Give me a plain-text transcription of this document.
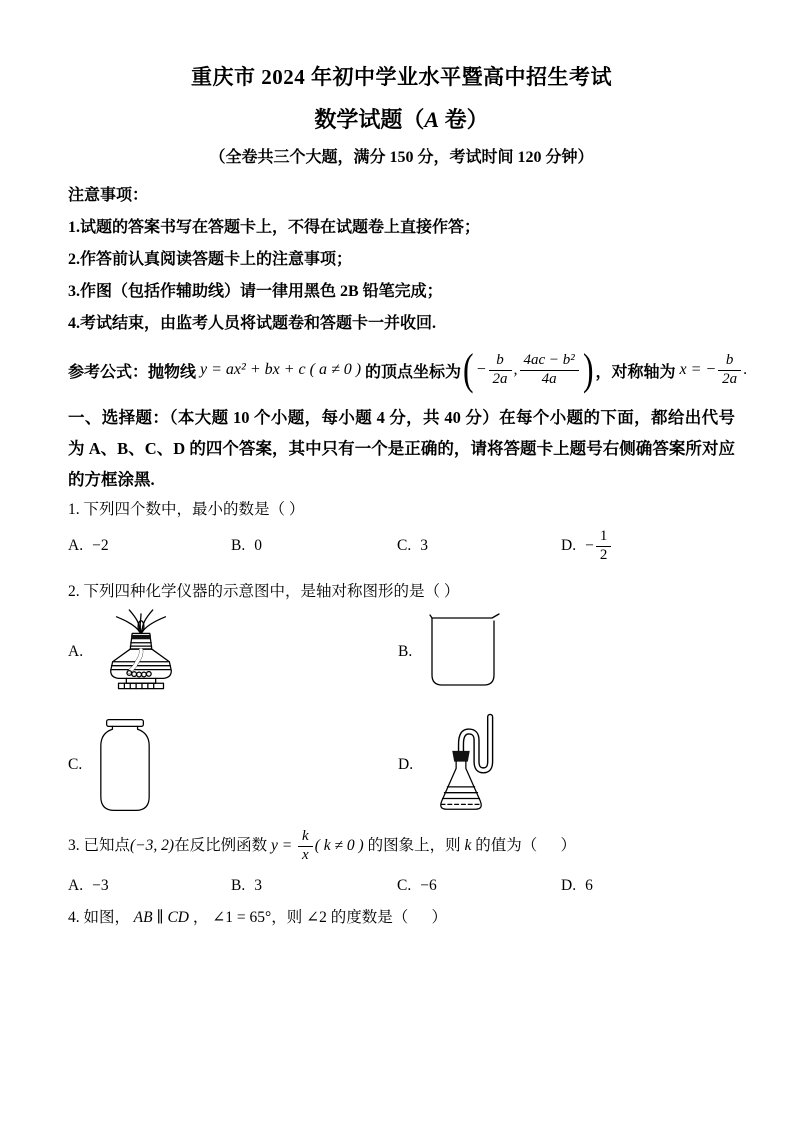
重庆市 2024 年初中学业水平暨高中招生考试
数学试题（A 卷）
（全卷共三个大题，满分 150 分，考试时间 120 分钟）

注意事项：

1.试题的答案书写在答题卡上，不得在试题卷上直接作答；

2.作答前认真阅读答题卡上的注意事项；

3.作图（包括作辅助线）请一律用黑色 2B 铅笔完成；

4.考试结束，由监考人员将试题卷和答题卡一并收回.

参考公式：抛物线 y = ax² + bx + c ( a ≠ 0 ) 的顶点坐标为 ( − $\frac{b}{2a}$ , $\frac{\text{4ac − b²}}{4a}$ ) ，对称轴为 x = − $\frac{b}{2a}$ .

一、选择题：（本大题 10 个小题，每小题 4 分，共 40 分）在每个小题的下面，都给出代号为 A、B、C、D 的四个答案，其中只有一个是正确的，请将答题卡上题号右侧确答案所对应的方框涂黑.

1. 下列四个数中，最小的数是（ ）

A. −2	B. 0	C. 3	D. − $\frac{1}{2}$

2. 下列四种化学仪器的示意图中，是轴对称图形的是（ ）

A.	B.
C.	D.
3. 已知点 (−3, 2) 在反比例函数 $y = \frac{k}{x}$ ( k ≠ 0 ) 的图象上，则 k 的值为（      ）
A. −3	B. 3	C. −6	D. 6
4. 如图， AB ∥ CD ， ∠1 = 65° ，则 ∠2 的度数是（      ）
